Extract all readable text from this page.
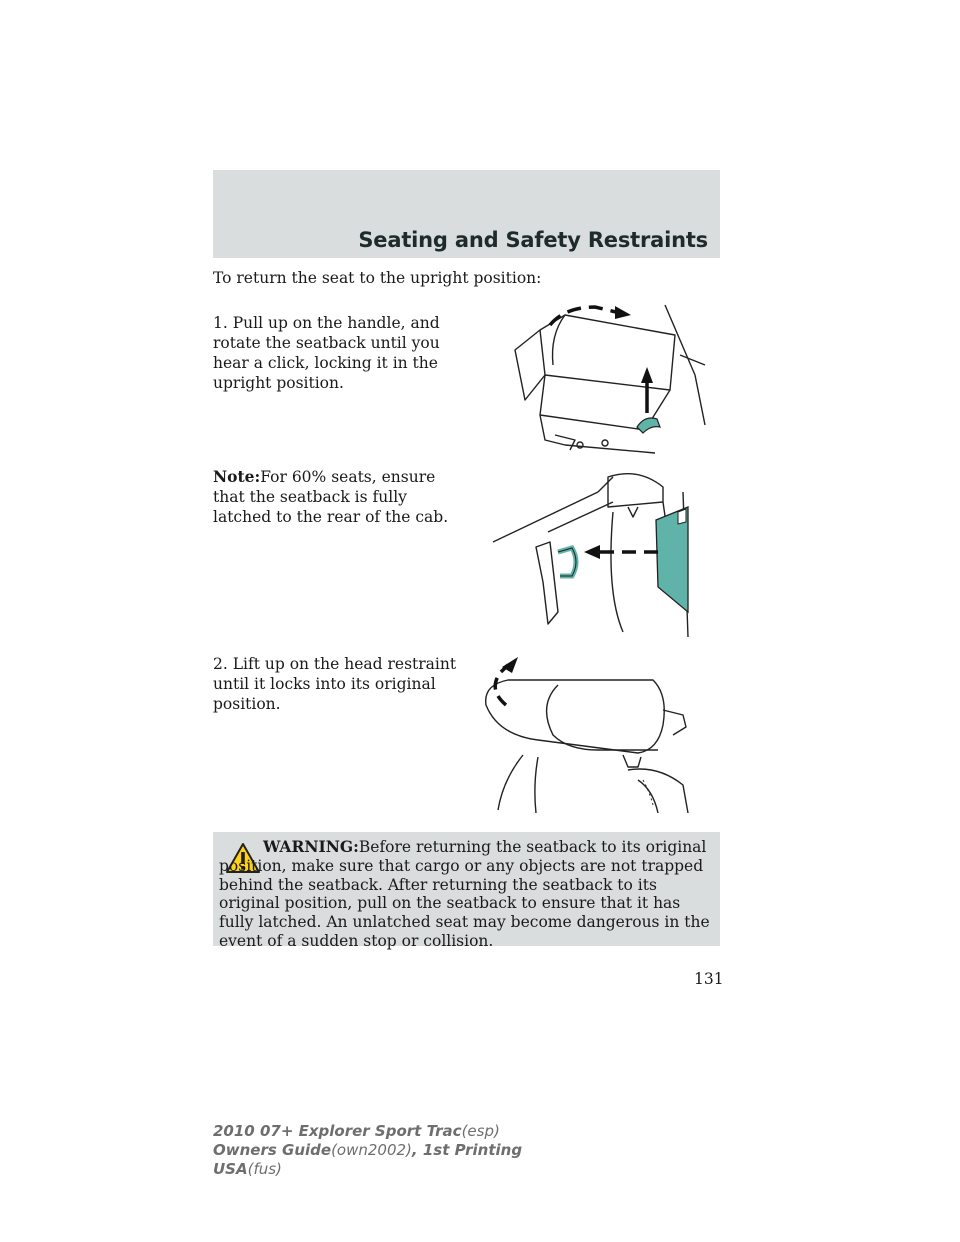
Seating and Safety Restraints

To return the seat to the upright position:

1. Pull up on the handle, and rotate the seatback until you hear a click, locking it in the upright position.

Note:For 60% seats, ensure that the seatback is fully latched to the rear of the cab.

2. Lift up on the head restraint until it locks into its original position.

WARNING:Before returning the seatback to its original position, make sure that cargo or any objects are not trapped behind the seatback. After returning the seatback to its original position, pull on the seatback to ensure that it has fully latched. An unlatched seat may become dangerous in the event of a sudden stop or collision.

131

2010 07+ Explorer Sport Trac(esp)
Owners Guide(own2002), 1st Printing
USA(fus)
